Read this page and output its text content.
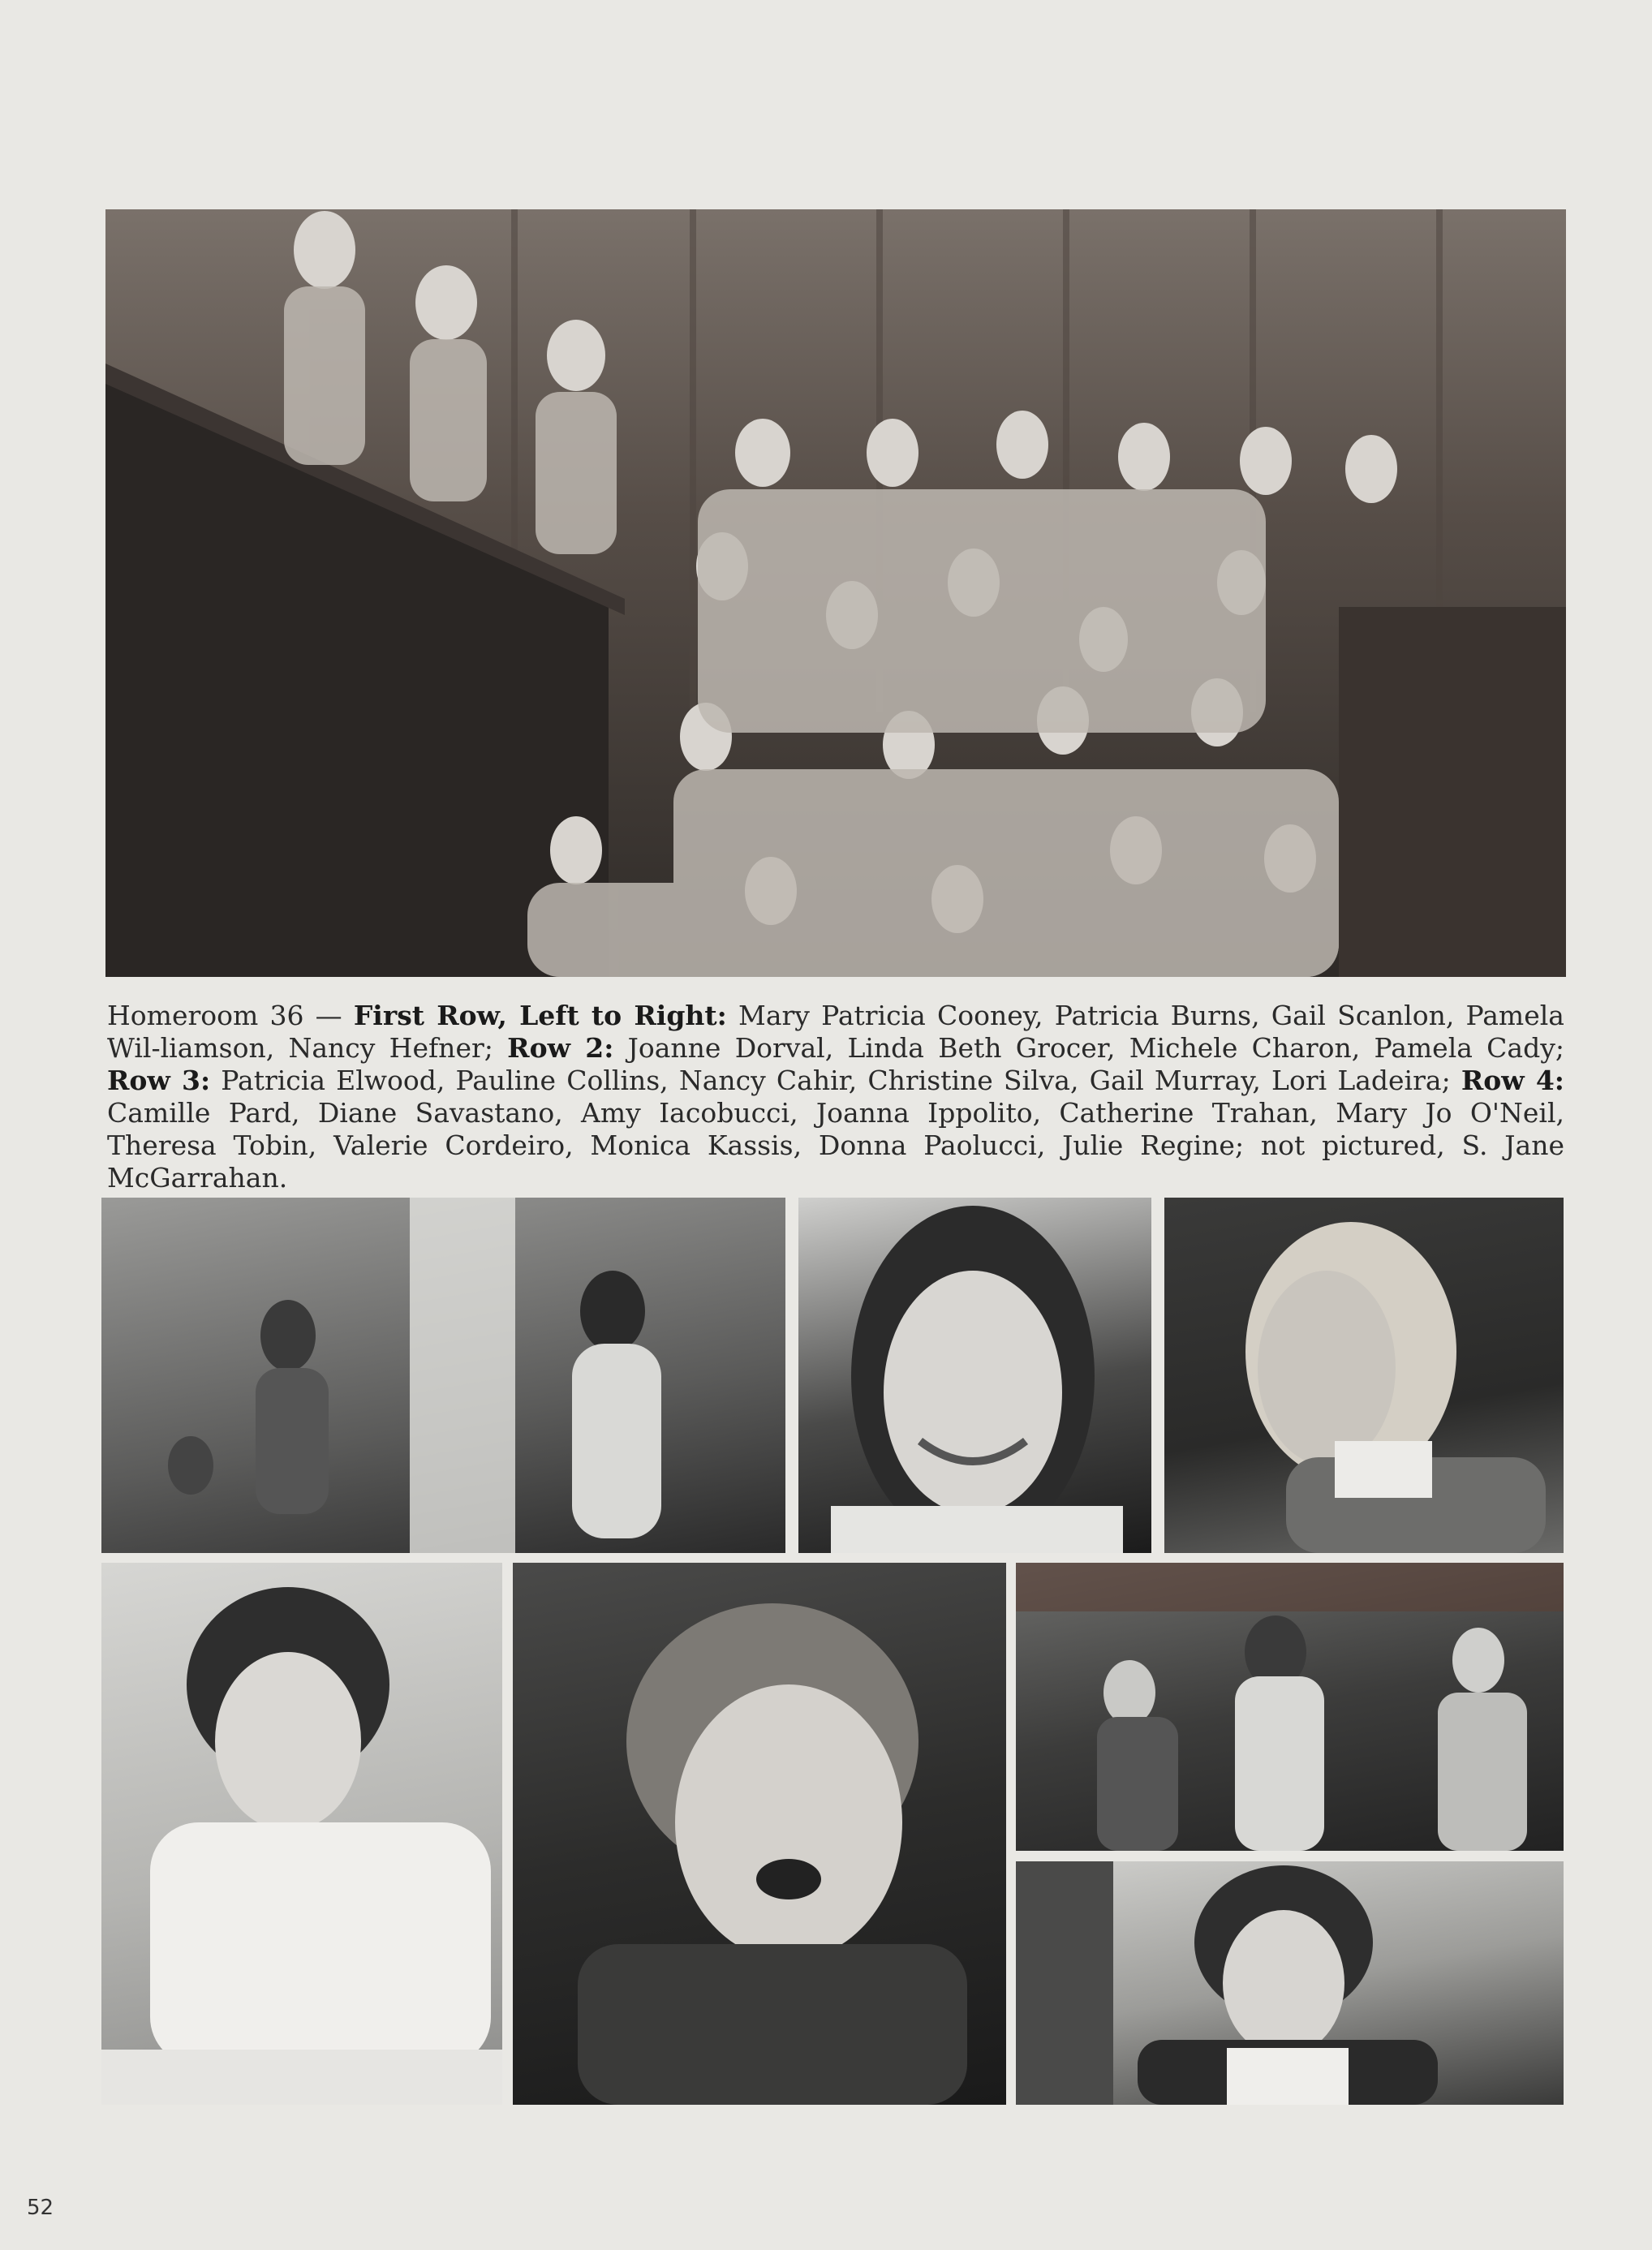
Homeroom 36 — First Row, Left to Right: Mary Patricia Cooney, Patricia Burns, Gail Scanlon, Pamela Wil-liamson, Nancy Hefner; Row 2: Joanne Dorval, Linda Beth Grocer, Michele Charon, Pamela Cady; Row 3: Patricia Elwood, Pauline Collins, Nancy Cahir, Christine Silva, Gail Murray, Lori Ladeira; Row 4: Camille Pard, Diane Savastano, Amy Iacobucci, Joanna Ippolito, Catherine Trahan, Mary Jo O'Neil, Theresa Tobin, Valerie Cordeiro, Monica Kassis, Donna Paolucci, Julie Regine; not pictured, S. Jane McGarrahan.
52
